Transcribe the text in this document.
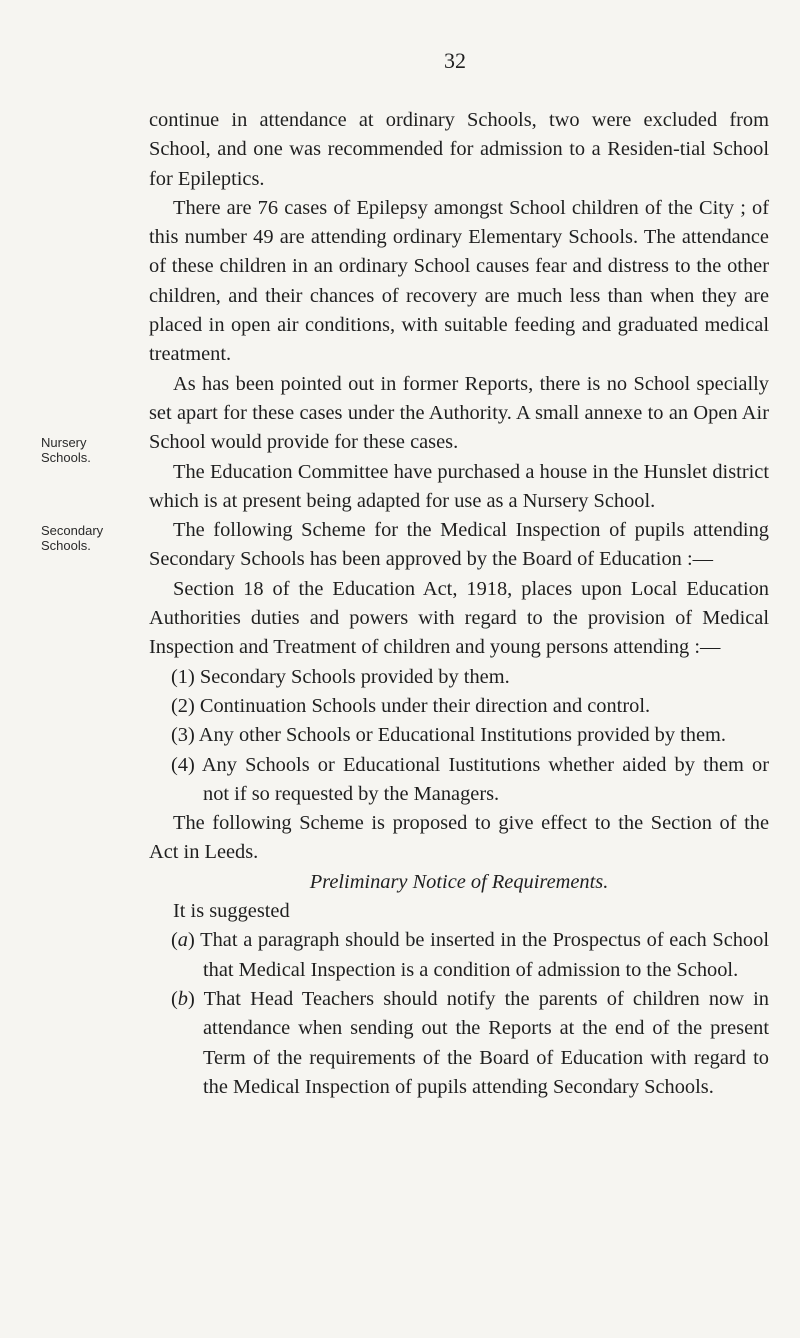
32
Nursery Schools.
Secondary Schools.

continue in attendance at ordinary Schools, two were excluded from School, and one was recommended for admission to a Residen-tial School for Epileptics.

There are 76 cases of Epilepsy amongst School children of the City ; of this number 49 are attending ordinary Elementary Schools. The attendance of these children in an ordinary School causes fear and distress to the other children, and their chances of recovery are much less than when they are placed in open air conditions, with suitable feeding and graduated medical treatment.

As has been pointed out in former Reports, there is no School specially set apart for these cases under the Authority. A small annexe to an Open Air School would provide for these cases.

The Education Committee have purchased a house in the Hunslet district which is at present being adapted for use as a Nursery School.

The following Scheme for the Medical Inspection of pupils attending Secondary Schools has been approved by the Board of Education :—

Section 18 of the Education Act, 1918, places upon Local Education Authorities duties and powers with regard to the provision of Medical Inspection and Treatment of children and young persons attending :—

(1) Secondary Schools provided by them.

(2) Continuation Schools under their direction and control.

(3) Any other Schools or Educational Institutions provided by them.

(4) Any Schools or Educational Iustitutions whether aided by them or not if so requested by the Managers.

The following Scheme is proposed to give effect to the Section of the Act in Leeds.

Preliminary Notice of Requirements.

It is suggested

(a) That a paragraph should be inserted in the Prospectus of each School that Medical Inspection is a condition of admission to the School.

(b) That Head Teachers should notify the parents of children now in attendance when sending out the Reports at the end of the present Term of the requirements of the Board of Education with regard to the Medical Inspection of pupils attending Secondary Schools.
